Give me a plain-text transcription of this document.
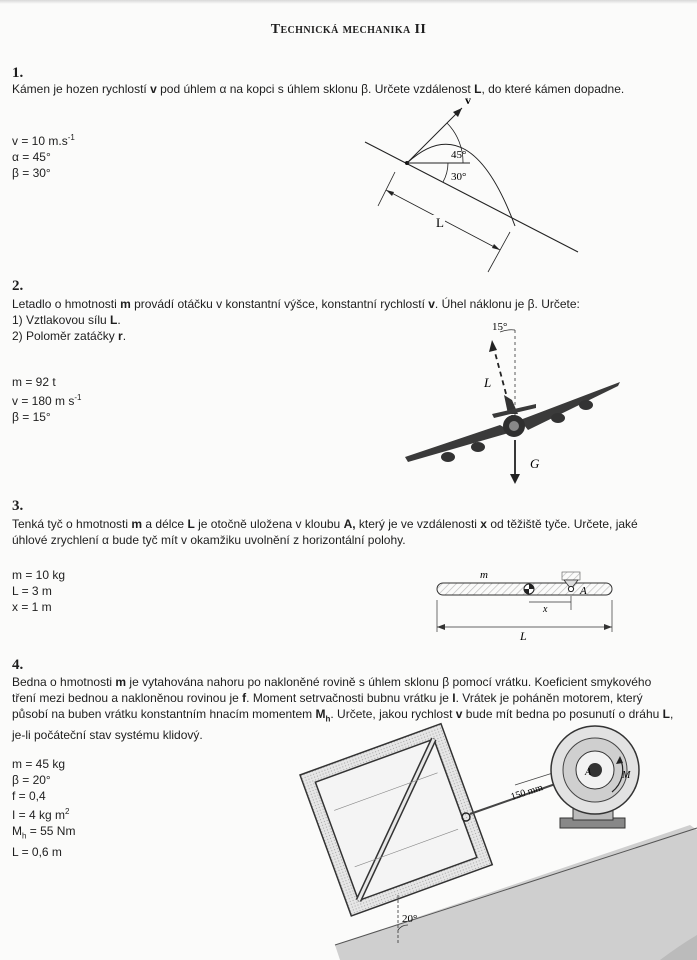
Technická mechanika II
1.
Kámen je hozen rychlostí v pod úhlem α na kopci s úhlem sklonu β. Určete vzdálenost L, do které kámen dopadne.
v = 10 $m.s^{-1}$
α = 45°
β = 30°
v
45°
30°
L
2.
Letadlo o hmotnosti m provádí otáčku v konstantní výšce, konstantní rychlostí v. Úhel náklonu je β. Určete:
1) Vztlakovou sílu L.
2) Poloměr zatáčky r.
m = 92 t
v = 180 m $s^{-1}$
β = 15°
15°
L
G
3.
Tenká tyč o hmotnosti m a délce L je otočně uložena v kloubu A, který je ve vzdálenosti x od těžiště tyče. Určete, jaké úhlové zrychlení α bude tyč mít v okamžiku uvolnění z horizontální polohy.
m = 10 kg
L = 3 m
x = 1 m
m
A
x
L
4.
Bedna o hmotnosti m je vytahována nahoru po nakloněné rovině s úhlem sklonu β pomocí vrátku. Koeficient smykového tření mezi bednou a nakloněnou rovinou je f. Moment setrvačnosti bubnu vrátku je I. Vrátek je poháněn motorem, který působí na buben vrátku konstantním hnacím momentem $M_h$. Určete, jakou rychlost v bude mít bedna po posunutí o dráhu L, je-li počáteční stav systému klidový.
m = 45 kg
β = 20°
f = 0,4
I = 4 kg $m^2$
$M_h = 55$ Nm
L = 0,6 m
150 mm
A	M
20°
